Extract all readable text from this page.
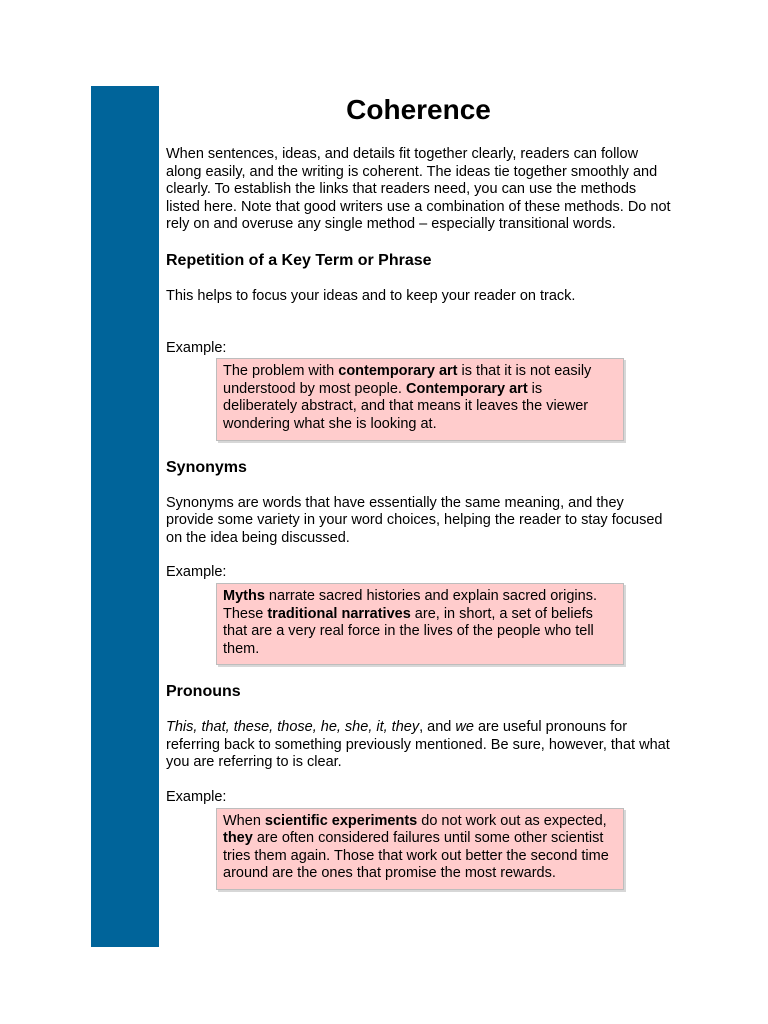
Coherence

When sentences, ideas, and details fit together clearly, readers can follow along easily, and the writing is coherent. The ideas tie together smoothly and clearly. To establish the links that readers need, you can use the methods listed here. Note that good writers use a combination of these methods. Do not rely on and overuse any single method – especially transitional words.

Repetition of a Key Term or Phrase

This helps to focus your ideas and to keep your reader on track.

Example:

The problem with contemporary art is that it is not easily understood by most people. Contemporary art is deliberately abstract, and that means it leaves the viewer wondering what she is looking at.
Synonyms

Synonyms are words that have essentially the same meaning, and they provide some variety in your word choices, helping the reader to stay focused on the idea being discussed.

Example:

Myths narrate sacred histories and explain sacred origins. These traditional narratives are, in short, a set of beliefs that are a very real force in the lives of the people who tell them.
Pronouns

This, that, these, those, he, she, it, they, and we are useful pronouns for referring back to something previously mentioned. Be sure, however, that what you are referring to is clear.

Example:

When scientific experiments do not work out as expected, they are often considered failures until some other scientist tries them again. Those that work out better the second time around are the ones that promise the most rewards.
